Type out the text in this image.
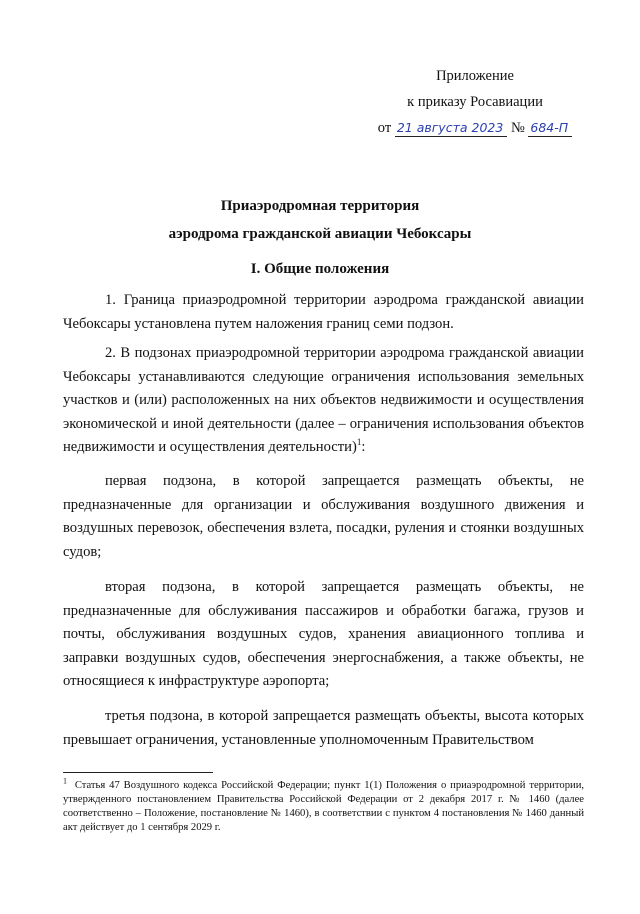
Приложение
к приказу Росавиации
от 21 августа 2023 № 684-П
Приаэродромная территория
аэродрома гражданской авиации Чебоксары
I. Общие положения

1. Граница приаэродромной территории аэродрома гражданской авиации Чебоксары установлена путем наложения границ семи подзон.

2. В подзонах приаэродромной территории аэродрома гражданской авиации Чебоксары устанавливаются следующие ограничения использования земельных участков и (или) расположенных на них объектов недвижимости и осуществления экономической и иной деятельности (далее – ограничения использования объектов недвижимости и осуществления деятельности)$^1$:

первая подзона, в которой запрещается размещать объекты, не предназначенные для организации и обслуживания воздушного движения и воздушных перевозок, обеспечения взлета, посадки, руления и стоянки воздушных судов;

вторая подзона, в которой запрещается размещать объекты, не предназначенные для обслуживания пассажиров и обработки багажа, грузов и почты, обслуживания воздушных судов, хранения авиационного топлива и заправки воздушных судов, обеспечения энергоснабжения, а также объекты, не относящиеся к инфраструктуре аэропорта;

третья подзона, в которой запрещается размещать объекты, высота которых превышает ограничения, установленные уполномоченным Правительством

$^1$ Статья 47 Воздушного кодекса Российской Федерации; пункт 1(1) Положения о приаэродромной территории, утвержденного постановлением Правительства Российской Федерации от 2 декабря 2017 г. № 1460 (далее соответственно – Положение, постановление № 1460), в соответствии с пунктом 4 постановления № 1460 данный акт действует до 1 сентября 2029 г.
